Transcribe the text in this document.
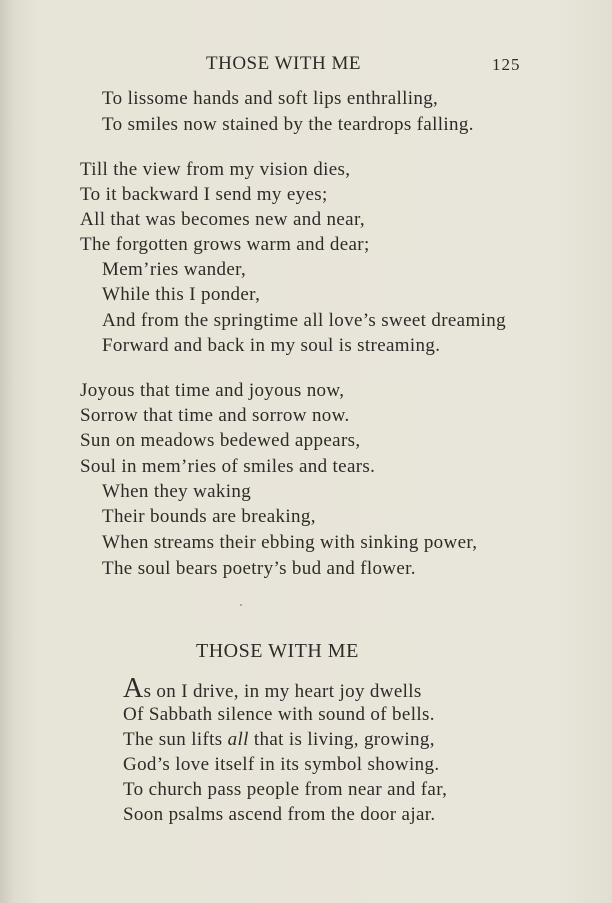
THOSE WITH ME	125
To lissome hands and soft lips enthralling,
To smiles now stained by the teardrops falling.
Till the view from my vision dies,
To it backward I send my eyes;
All that was becomes new and near,
The forgotten grows warm and dear;
Mem’ries wander,
While this I ponder,
And from the springtime all love’s sweet dreaming
Forward and back in my soul is streaming.
Joyous that time and joyous now,
Sorrow that time and sorrow now.
Sun on meadows bedewed appears,
Soul in mem’ries of smiles and tears.
When they waking
Their bounds are breaking,
When streams their ebbing with sinking power,
The soul bears poetry’s bud and flower.
THOSE WITH ME
As on I drive, in my heart joy dwells
Of Sabbath silence with sound of bells.
The sun lifts all that is living, growing,
God’s love itself in its symbol showing.
To church pass people from near and far,
Soon psalms ascend from the door ajar.
